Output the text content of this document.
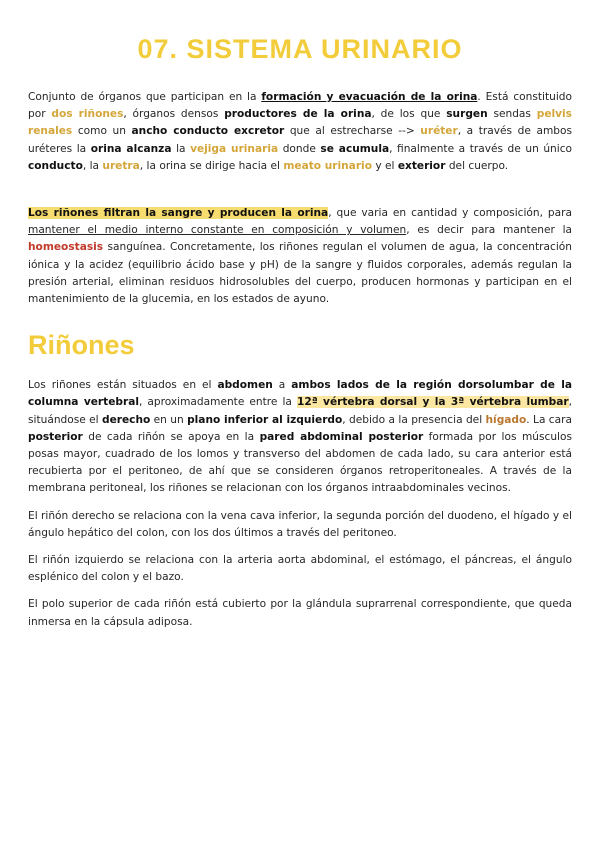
07. SISTEMA URINARIO

Conjunto de órganos que participan en la formación y evacuación de la orina. Está constituido por dos riñones, órganos densos productores de la orina, de los que surgen sendas pelvis renales como un ancho conducto excretor que al estrecharse --> uréter, a través de ambos uréteres la orina alcanza la vejiga urinaria donde se acumula, finalmente a través de un único conducto, la uretra, la orina se dirige hacia el meato urinario y el exterior del cuerpo.

Los riñones filtran la sangre y producen la orina, que varia en cantidad y composición, para mantener el medio interno constante en composición y volumen, es decir para mantener la homeostasis sanguínea. Concretamente, los riñones regulan el volumen de agua, la concentración iónica y la acidez (equilibrio ácido base y pH) de la sangre y fluidos corporales, además regulan la presión arterial, eliminan residuos hidrosolubles del cuerpo, producen hormonas y participan en el mantenimiento de la glucemia, en los estados de ayuno.

Riñones

Los riñones están situados en el abdomen a ambos lados de la región dorsolumbar de la columna vertebral, aproximadamente entre la 12ª vértebra dorsal y la 3ª vértebra lumbar, situándose el derecho en un plano inferior al izquierdo, debido a la presencia del hígado. La cara posterior de cada riñón se apoya en la pared abdominal posterior formada por los músculos posas mayor, cuadrado de los lomos y transverso del abdomen de cada lado, su cara anterior está recubierta por el peritoneo, de ahí que se consideren órganos retroperitoneales. A través de la membrana peritoneal, los riñones se relacionan con los órganos intraabdominales vecinos.

El riñón derecho se relaciona con la vena cava inferior, la segunda porción del duodeno, el hígado y el ángulo hepático del colon, con los dos últimos a través del peritoneo.

El riñón izquierdo se relaciona con la arteria aorta abdominal, el estómago, el páncreas, el ángulo esplénico del colon y el bazo.

El polo superior de cada riñón está cubierto por la glándula suprarrenal correspondiente, que queda inmersa en la cápsula adiposa.
